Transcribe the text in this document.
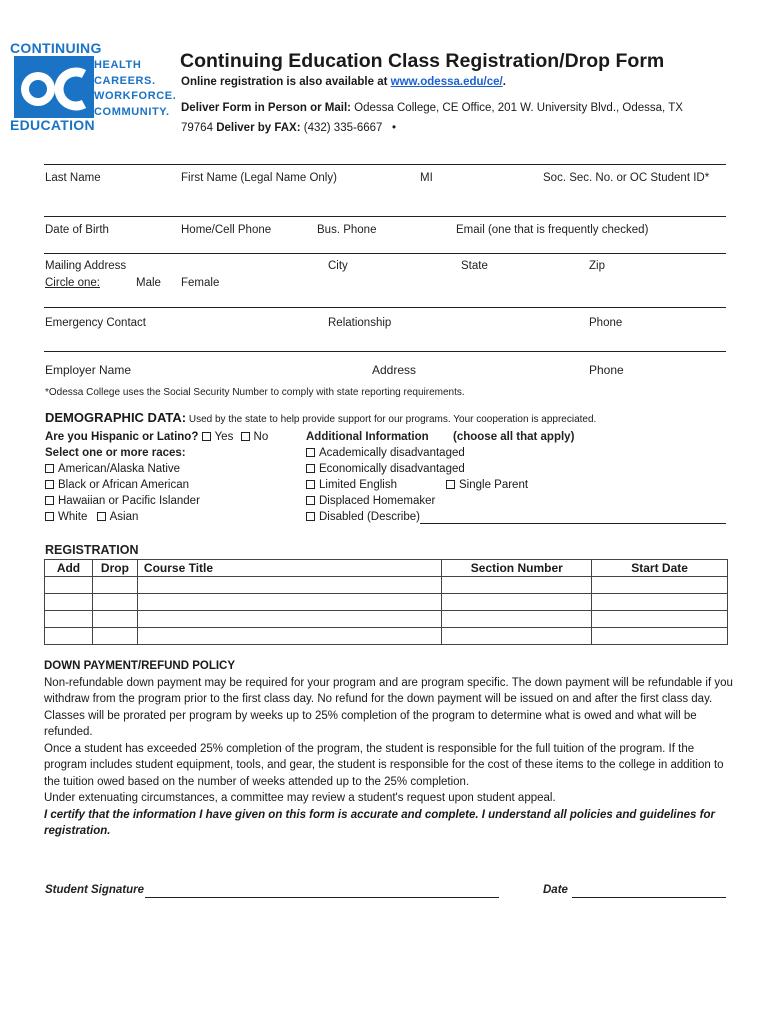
CONTINUING
HEALTH
CAREERS.
WORKFORCE.
COMMUNITY.
EDUCATION
Continuing Education Class Registration/Drop Form
Online registration is also available at www.odessa.edu/ce/.
Deliver Form in Person or Mail: Odessa College, CE Office, 201 W. University Blvd., Odessa, TX 79764 Deliver by FAX: (432) 335-6667 •
Last Name	First Name (Legal Name Only)	MI	Soc. Sec. No. or OC Student ID*
Date of Birth	Home/Cell Phone	Bus. Phone	Email (one that is frequently checked)
Mailing Address	City	State	Zip
Circle one:	Male Female
Emergency Contact	Relationship	Phone
Employer Name	Address	Phone
*Odessa College uses the Social Security Number to comply with state reporting requirements.
DEMOGRAPHIC DATA: Used by the state to help provide support for our programs. Your cooperation is appreciated.
Are you Hispanic or Latino? Yes No
Select one or more races:
American/Alaska Native
Black or African American
Hawaiian or Pacific Islander
White Asian
Additional Information (choose all that apply)
Academically disadvantaged
Economically disadvantaged
Limited English	Single Parent
Displaced Homemaker
Disabled (Describe)
REGISTRATION
Add	Drop	Course Title	Section Number	Start Date

DOWN PAYMENT/REFUND POLICY

Non-refundable down payment may be required for your program and are program specific. The down payment will be refundable if you withdraw from the program prior to the first class day. No refund for the down payment will be issued on and after the first class day.

Classes will be prorated per program by weeks up to 25% completion of the program to determine what is owed and what will be refunded.

Once a student has exceeded 25% completion of the program, the student is responsible for the full tuition of the program. If the program includes student equipment, tools, and gear, the student is responsible for the cost of these items to the college in addition to the tuition owed based on the number of weeks attended up to the 25% completion.

Under extenuating circumstances, a committee may review a student's request upon student appeal.

I certify that the information I have given on this form is accurate and complete. I understand all policies and guidelines for registration.

Student Signature	Date
